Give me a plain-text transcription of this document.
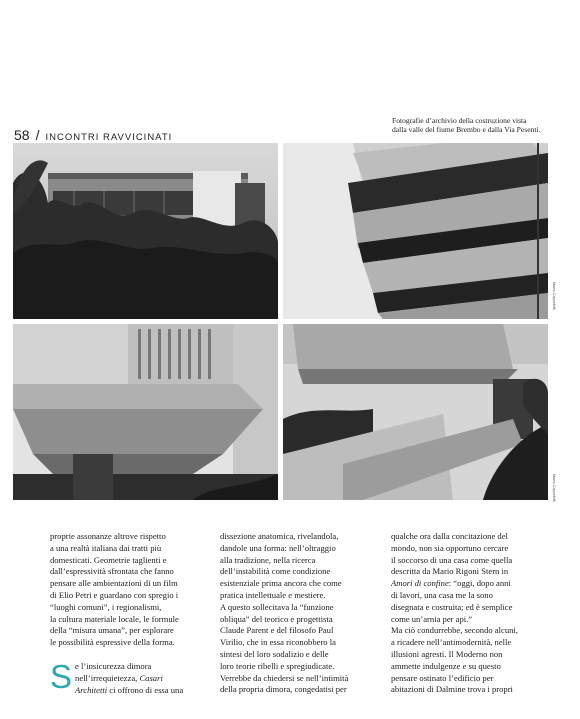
58 / INCONTRI RAVVICINATI
Fotografie d’archivio della costruzione vista dalla valle del fiume Brembo e dalla Via Pesenti.
Marco Cappelletti
Marco Cappelletti
proprie assonanze altrove rispetto
a una realtà italiana dai tratti più
domesticati. Geometrie taglienti e
dall’espressività sfrontata che fanno
pensare alle ambientazioni di un film
di Elio Petri e guardano con spregio i
“luoghi comuni”, i regionalismi,
la cultura materiale locale, le formule
della “misura umana”, per esplorare
le possibilità espressive della forma.
S e l’insicurezza dimora
nell’irrequietezza, Casari
Architetti ci offrono di essa una
dissezione anatomica, rivelandola,
dandole una forma: nell’oltraggio
alla tradizione, nella ricerca
dell’instabilità come condizione
esistenziale prima ancora che come
pratica intellettuale e mestiere.
A questo sollecitava la “funzione
obliqua” del teorico e progettista
Claude Parent e del filosofo Paul
Virilio, che in essa riconobbero la
sintesi del loro sodalizio e delle
loro teorie ribelli e spregiudicate.
Verrebbe da chiedersi se nell’intimità
della propria dimora, congedatisi per
qualche ora dalla concitazione del
mondo, non sia opportuno cercare
il soccorso di una casa come quella
descritta da Mario Rigoni Stern in
Amori di confine: “oggi, dopo anni
di lavori, una casa me la sono
disegnata e costruita; ed è semplice
come un’arnia per api.”
Ma ciò condurrebbe, secondo alcuni,
a ricadere nell’antimodernità, nelle
illusioni agresti. Il Moderno non
ammette indulgenze e su questo
pensare ostinato l’edificio per
abitazioni di Dalmine trova i propri
